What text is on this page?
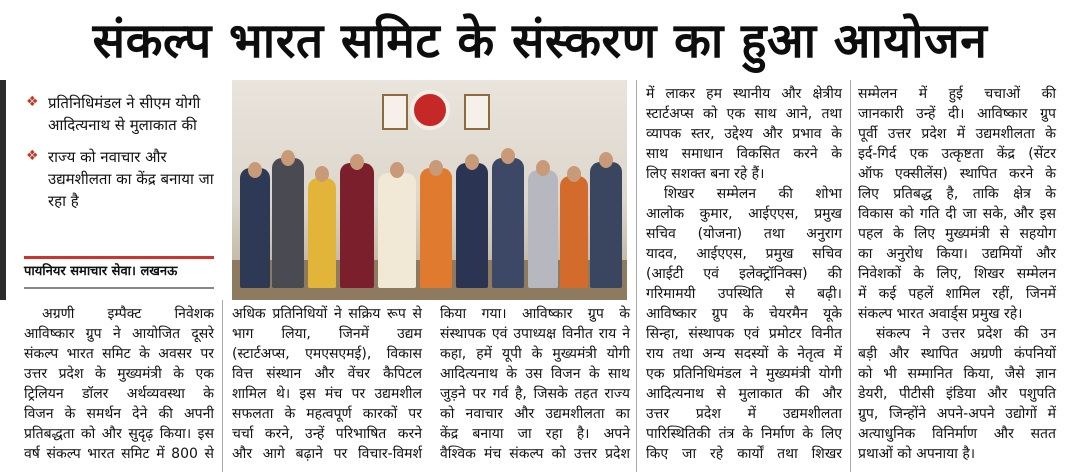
संकल्प भारत समिट के संस्करण का हुआ आयोजन
❖ प्रतिनिधिमंडल ने सीएम योगी आदित्यनाथ से मुलाकात की
❖ राज्य को नवाचार और उद्यमशीलता का केंद्र बनाया जा रहा है
पायनियर समाचार सेवा। लखनऊ

अग्रणी इम्पैक्ट निवेशक

आविष्कार ग्रुप ने आयोजित दूसरे

संकल्प भारत समिट के अवसर पर

उत्तर प्रदेश के मुख्यमंत्री के एक

ट्रिलियन डॉलर अर्थव्यवस्था के

विजन के समर्थन देने की अपनी

प्रतिबद्धता को और सुदृढ़ किया। इस

वर्ष संकल्प भारत समिट में 800 से

अधिक प्रतिनिधियों ने सक्रिय रूप से

भाग लिया, जिनमें उद्यम

(स्टार्टअप्स, एमएसएमई), विकास

वित्त संस्थान और वेंचर कैपिटल

शामिल थे। इस मंच पर उद्यमशील

सफलता के महत्वपूर्ण कारकों पर

चर्चा करने, उन्हें परिभाषित करने

और आगे बढ़ाने पर विचार-विमर्श

किया गया। आविष्कार ग्रुप के

संस्थापक एवं उपाध्यक्ष विनीत राय ने

कहा, हमें यूपी के मुख्यमंत्री योगी

आदित्यनाथ के उस विजन के साथ

जुड़ने पर गर्व है, जिसके तहत राज्य

को नवाचार और उद्यमशीलता का

केंद्र बनाया जा रहा है। अपने

वैश्विक मंच संकल्प को उत्तर प्रदेश

में लाकर हम स्थानीय और क्षेत्रीय

स्टार्टअप्स को एक साथ आने, तथा

व्यापक स्तर, उद्देश्य और प्रभाव के

साथ समाधान विकसित करने के

लिए सशक्त बना रहे हैं।

शिखर सम्मेलन की शोभा

आलोक कुमार, आईएएस, प्रमुख

सचिव (योजना) तथा अनुराग

यादव, आईएएस, प्रमुख सचिव

(आईटी एवं इलेक्ट्रॉनिक्स) की

गरिमामयी उपस्थिति से बढ़ी।

आविष्कार ग्रुप के चेयरमैन यूके

सिन्हा, संस्थापक एवं प्रमोटर विनीत

राय तथा अन्य सदस्यों के नेतृत्व में

एक प्रतिनिधिमंडल ने मुख्यमंत्री योगी

आदित्यनाथ से मुलाकात की और

उत्तर प्रदेश में उद्यमशीलता

पारिस्थितिकी तंत्र के निर्माण के लिए

किए जा रहे कार्यों तथा शिखर

सम्मेलन में हुई चचाओं की

जानकारी उन्हें दी। आविष्कार ग्रुप

पूर्वी उत्तर प्रदेश में उद्यमशीलता के

इर्द-गिर्द एक उत्कृष्टता केंद्र (सेंटर

ऑफ एक्सीलेंस) स्थापित करने के

लिए प्रतिबद्ध है, ताकि क्षेत्र के

विकास को गति दी जा सके, और इस

पहल के लिए मुख्यमंत्री से सहयोग

का अनुरोध किया। उद्यमियों और

निवेशकों के लिए, शिखर सम्मेलन

में कई पहलें शामिल रहीं, जिनमें

संकल्प भारत अवार्ड्स प्रमुख रहे।

संकल्प ने उत्तर प्रदेश की उन

बड़ी और स्थापित अग्रणी कंपनियों

को भी सम्मानित किया, जैसे ज्ञान

डेयरी, पीटीसी इंडिया और पशुपति

ग्रुप, जिन्होंने अपने-अपने उद्योगों में

अत्याधुनिक विनिर्माण और सतत

प्रथाओं को अपनाया है।
